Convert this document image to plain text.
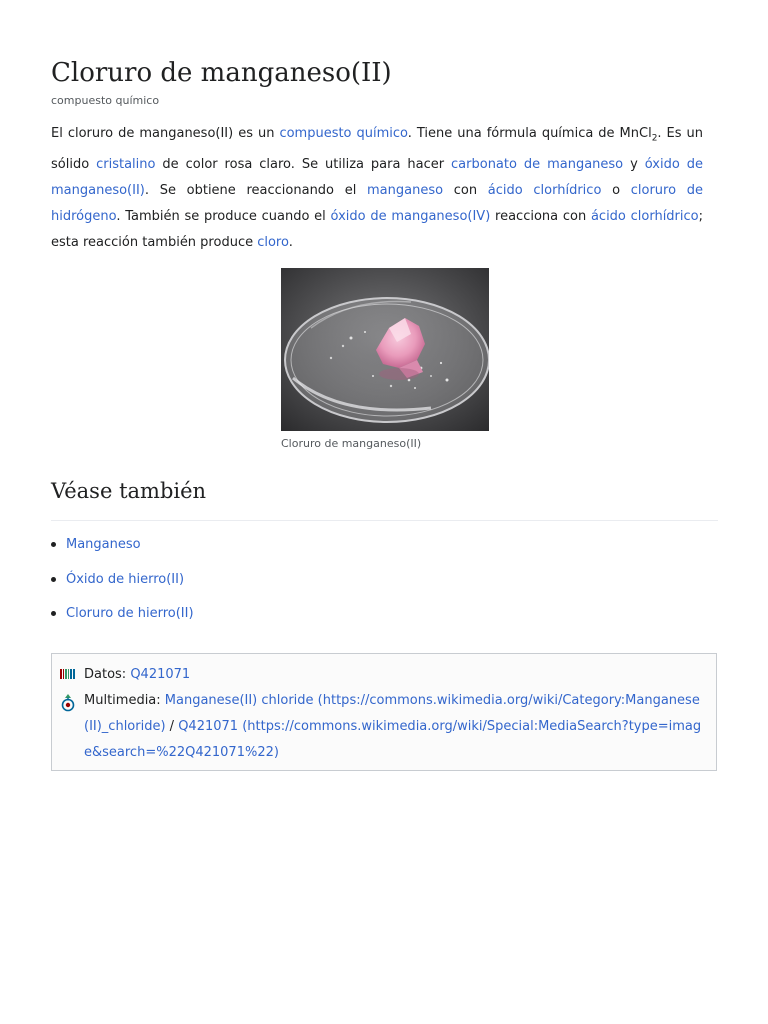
Cloruro de manganeso(II)
compuesto químico

El cloruro de manganeso(II) es un compuesto químico. Tiene una fórmula química de MnCl$_2$. Es un sólido cristalino de color rosa claro. Se utiliza para hacer carbonato de manganeso y óxido de manganeso(II). Se obtiene reaccionando el manganeso con ácido clorhídrico o cloruro de hidrógeno. También se produce cuando el óxido de manganeso(IV) reacciona con ácido clorhídrico; esta reacción también produce cloro.

Cloruro de manganeso(II)
Véase también
Manganeso
Óxido de hierro(II)
Cloruro de hierro(II)
Datos: Q421071
Multimedia: Manganese(II) chloride (https://commons.wikimedia.org/wiki/Category:Manganese(II)_chloride) / Q421071 (https://commons.wikimedia.org/wiki/Special:MediaSearch?type=image&search=%22Q421071%22)
